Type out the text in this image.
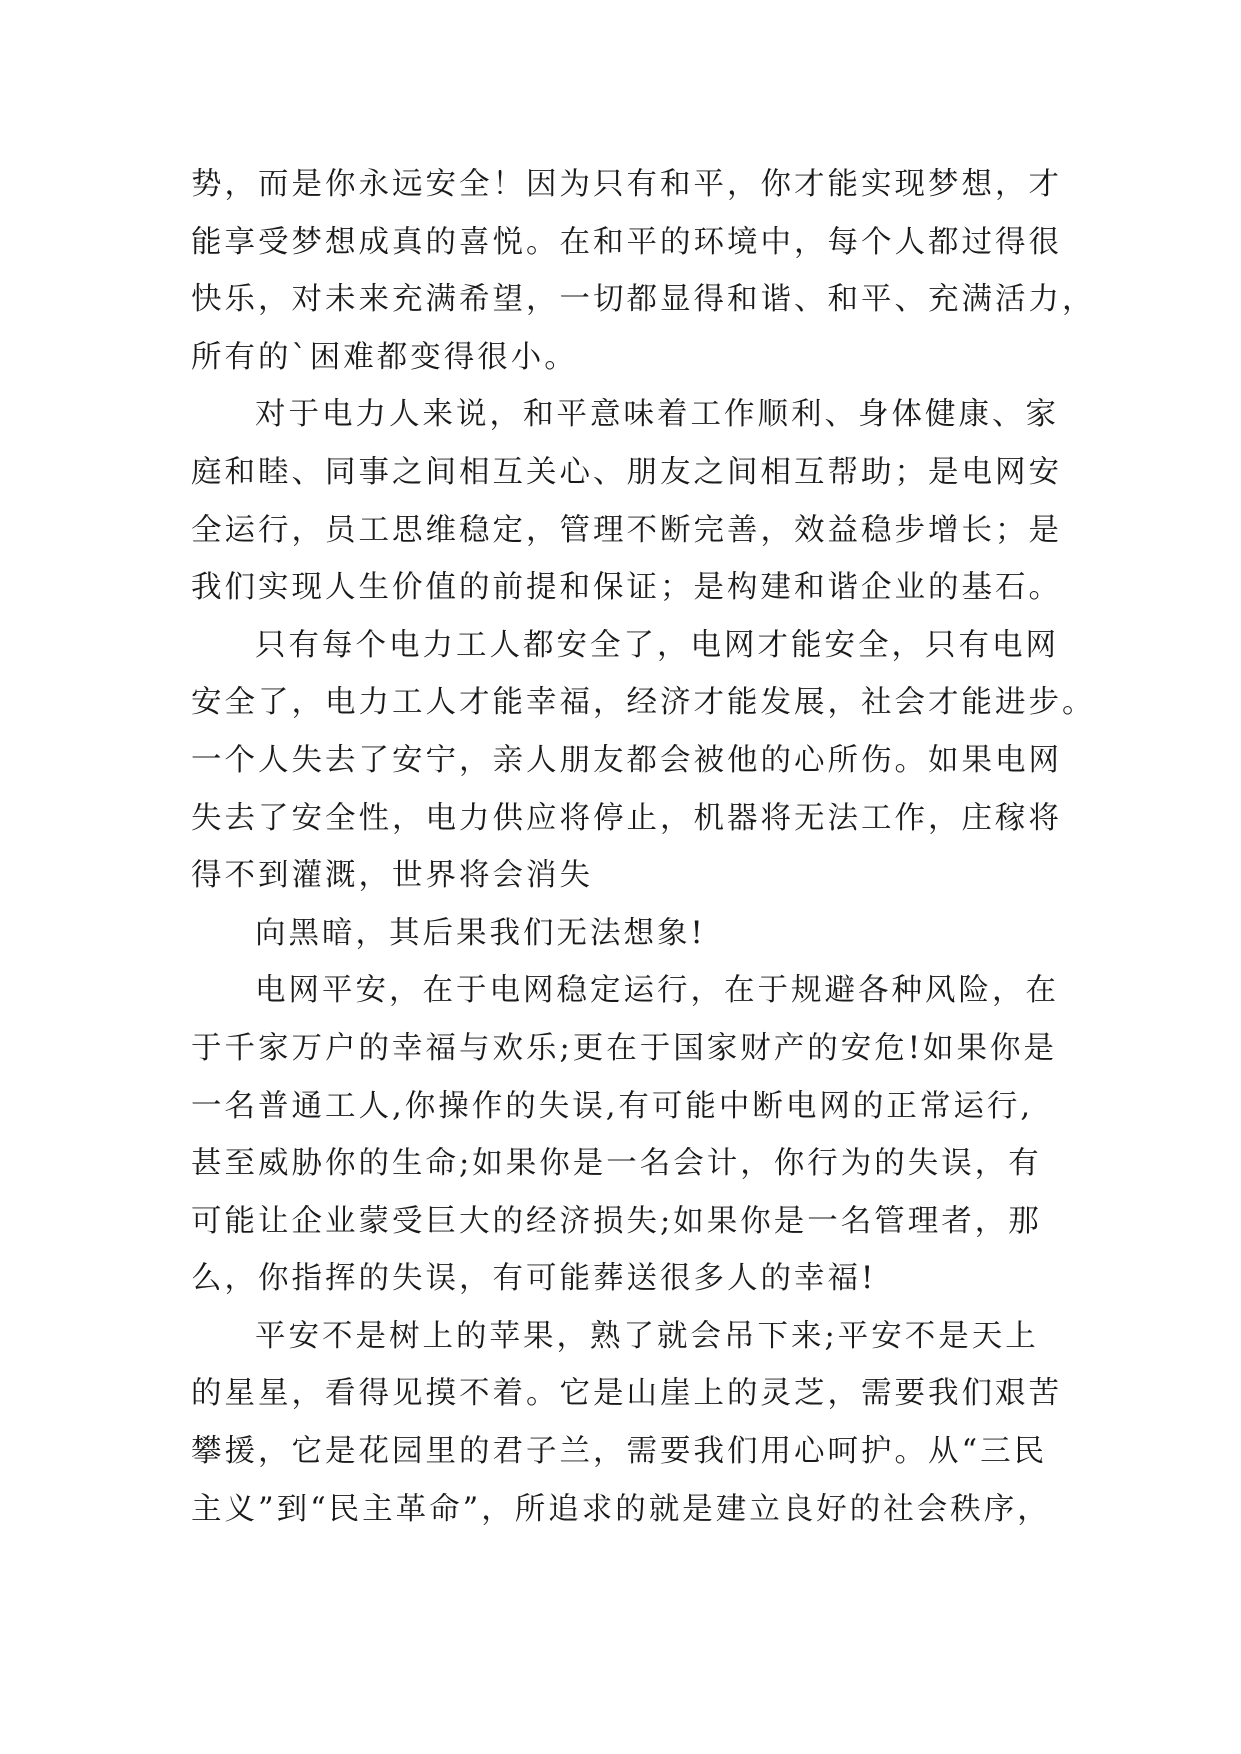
势，而是你永远安全！因为只有和平，你才能实现梦想，才
能享受梦想成真的喜悦。在和平的环境中，每个人都过得很
快乐，对未来充满希望，一切都显得和谐、和平、充满活力，
所有的`困难都变得很小。
对于电力人来说，和平意味着工作顺利、身体健康、家
庭和睦、同事之间相互关心、朋友之间相互帮助；是电网安
全运行，员工思维稳定，管理不断完善，效益稳步增长；是
我们实现人生价值的前提和保证；是构建和谐企业的基石。
只有每个电力工人都安全了，电网才能安全，只有电网
安全了，电力工人才能幸福，经济才能发展，社会才能进步。
一个人失去了安宁，亲人朋友都会被他的心所伤。如果电网
失去了安全性，电力供应将停止，机器将无法工作，庄稼将
得不到灌溉，世界将会消失
向黑暗，其后果我们无法想象!
电网平安，在于电网稳定运行，在于规避各种风险，在
于千家万户的幸福与欢乐;更在于国家财产的安危!如果你是
一名普通工人,你操作的失误,有可能中断电网的正常运行,
甚至威胁你的生命;如果你是一名会计，你行为的失误，有
可能让企业蒙受巨大的经济损失;如果你是一名管理者，那
么，你指挥的失误，有可能葬送很多人的幸福!
平安不是树上的苹果，熟了就会吊下来;平安不是天上
的星星，看得见摸不着。它是山崖上的灵芝，需要我们艰苦
攀援，它是花园里的君子兰，需要我们用心呵护。从“三民
主义”到“民主革命”，所追求的就是建立良好的社会秩序，
